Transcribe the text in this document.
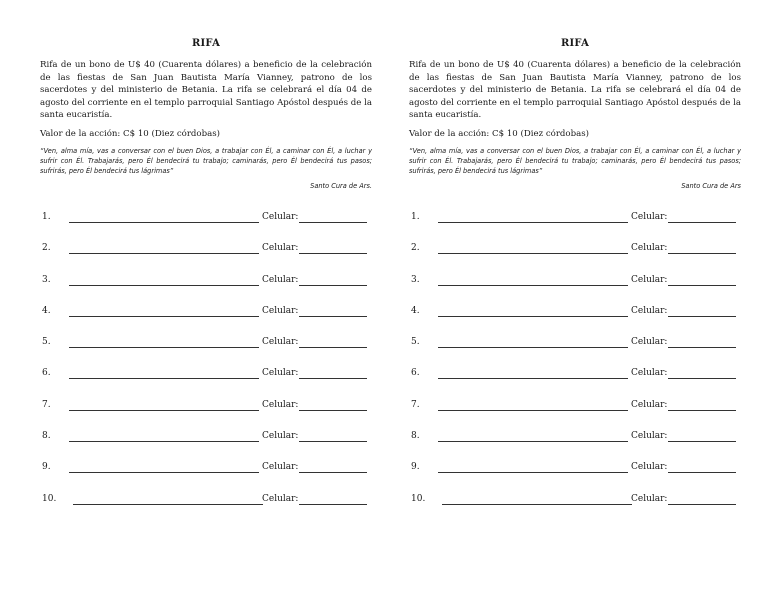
RIFA

Rifa de un bono de U$ 40 (Cuarenta dólares) a beneficio de la celebración de las fiestas de San Juan Bautista María Vianney, patrono de los sacerdotes y del ministerio de Betania. La rifa se celebrará el día 04 de agosto del corriente en el templo parroquial Santiago Apóstol después de la santa eucaristía.

Valor de la acción: C$ 10 (Diez córdobas)

“Ven, alma mía, vas a conversar con el buen Dios, a trabajar con Él, a caminar con Él, a luchar y sufrir con Él. Trabajarás, pero Él bendecirá tu trabajo; caminarás, pero Él bendecirá tus pasos; sufrirás, pero Él bendecirá tus lágrimas”

Santo Cura de Ars.

1.	Celular:
2.	Celular:
3.	Celular:
4.	Celular:
5.	Celular:
6.	Celular:
7.	Celular:
8.	Celular:
9.	Celular:
10.	Celular:
RIFA

Rifa de un bono de U$ 40 (Cuarenta dólares) a beneficio de la celebración de las fiestas de San Juan Bautista María Vianney, patrono de los sacerdotes y del ministerio de Betania. La rifa se celebrará el día 04 de agosto del corriente en el templo parroquial Santiago Apóstol después de la santa eucaristía.

Valor de la acción: C$ 10 (Diez córdobas)

“Ven, alma mía, vas a conversar con el buen Dios, a trabajar con Él, a caminar con Él, a luchar y sufrir con Él. Trabajarás, pero Él bendecirá tu trabajo; caminarás, pero Él bendecirá tus pasos; sufrirás, pero Él bendecirá tus lágrimas”

Santo Cura de Ars

1.	Celular:
2.	Celular:
3.	Celular:
4.	Celular:
5.	Celular:
6.	Celular:
7.	Celular:
8.	Celular:
9.	Celular:
10.	Celular:
